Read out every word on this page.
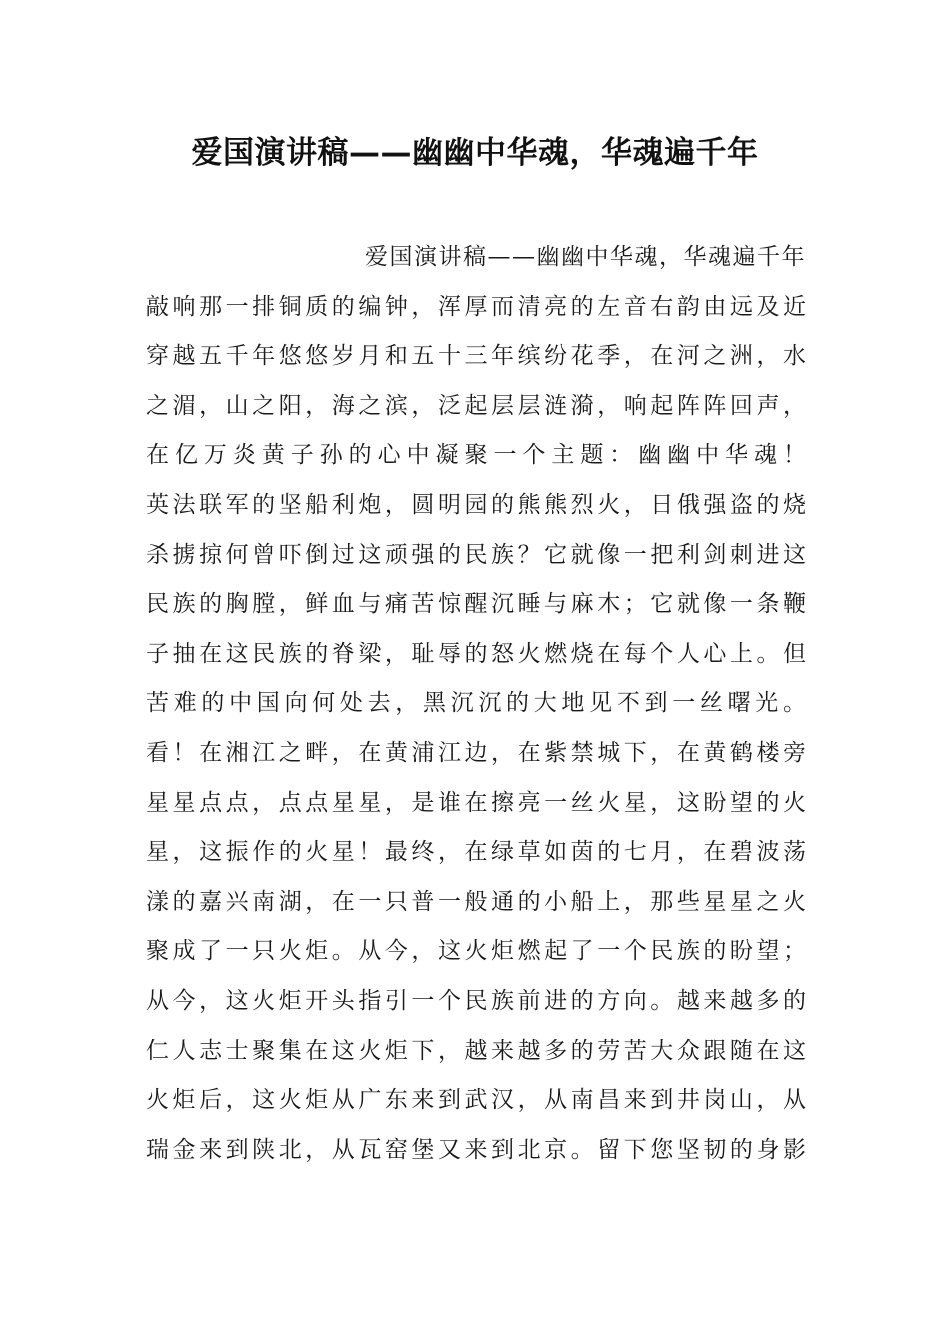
爱国演讲稿——幽幽中华魂，华魂遍千年
爱国演讲稿——幽幽中华魂，华魂遍千年
敲响那一排铜质的编钟，浑厚而清亮的左音右韵由远及近
穿越五千年悠悠岁月和五十三年缤纷花季，在河之洲，水
之湄，山之阳，海之滨，泛起层层涟漪，响起阵阵回声，
在亿万炎黄子孙的心中凝聚一个主题：幽幽中华魂！
英法联军的坚船利炮，圆明园的熊熊烈火，日俄强盗的烧
杀掳掠何曾吓倒过这顽强的民族？它就像一把利剑刺进这
民族的胸膛，鲜血与痛苦惊醒沉睡与麻木；它就像一条鞭
子抽在这民族的脊梁，耻辱的怒火燃烧在每个人心上。但
苦难的中国向何处去，黑沉沉的大地见不到一丝曙光。
看！在湘江之畔，在黄浦江边，在紫禁城下，在黄鹤楼旁
星星点点，点点星星，是谁在擦亮一丝火星，这盼望的火
星，这振作的火星！最终，在绿草如茵的七月，在碧波荡
漾的嘉兴南湖，在一只普一般通的小船上，那些星星之火
聚成了一只火炬。从今，这火炬燃起了一个民族的盼望；
从今，这火炬开头指引一个民族前进的方向。越来越多的
仁人志士聚集在这火炬下，越来越多的劳苦大众跟随在这
火炬后，这火炬从广东来到武汉，从南昌来到井岗山，从
瑞金来到陕北，从瓦窑堡又来到北京。留下您坚韧的身影
